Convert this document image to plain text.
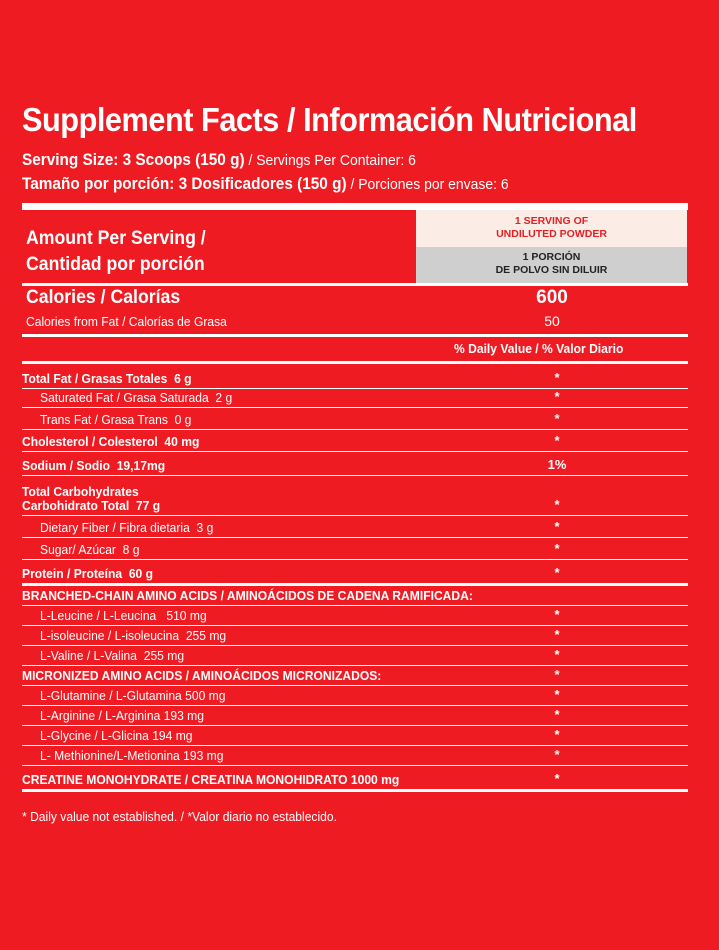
Supplement Facts / Información Nutricional
Serving Size: 3 Scoops (150 g) / Servings Per Container: 6
Tamaño por porción: 3 Dosificadores (150 g) / Porciones por envase: 6
Amount Per Serving /
Cantidad por porción
1 SERVING OF
UNDILUTED POWDER
1 PORCIÓN
DE POLVO SIN DILUIR
Calories / Calorías	600
Calories from Fat / Calorías de Grasa	50
% Daily Value / % Valor Diario
Total Fat / Grasas Totales  6 g	*
Saturated Fat / Grasa Saturada  2 g	*
Trans Fat / Grasa Trans  0 g	*
Cholesterol / Colesterol  40 mg	*
Sodium / Sodio  19,17mg	1%
Total Carbohydrates
Carbohidrato Total  77 g	*
Dietary Fiber / Fibra dietaria  3 g	*
Sugar/ Azúcar  8 g	*
Protein / Proteína  60 g	*
BRANCHED-CHAIN AMINO ACIDS / AMINOÁCIDOS DE CADENA RAMIFICADA:
L-Leucine / L-Leucina   510 mg	*
L-isoleucine / L-isoleucina  255 mg	*
L-Valine / L-Valina  255 mg	*
MICRONIZED AMINO ACIDS / AMINOÁCIDOS MICRONIZADOS:	*
L-Glutamine / L-Glutamina 500 mg	*
L-Arginine / L-Arginina 193 mg	*
L-Glycine / L-Glicina 194 mg	*
L- Methionine/L-Metionina 193 mg	*
CREATINE MONOHYDRATE / CREATINA MONOHIDRATO 1000 mg	*
* Daily value not established. / *Valor diario no establecido.
